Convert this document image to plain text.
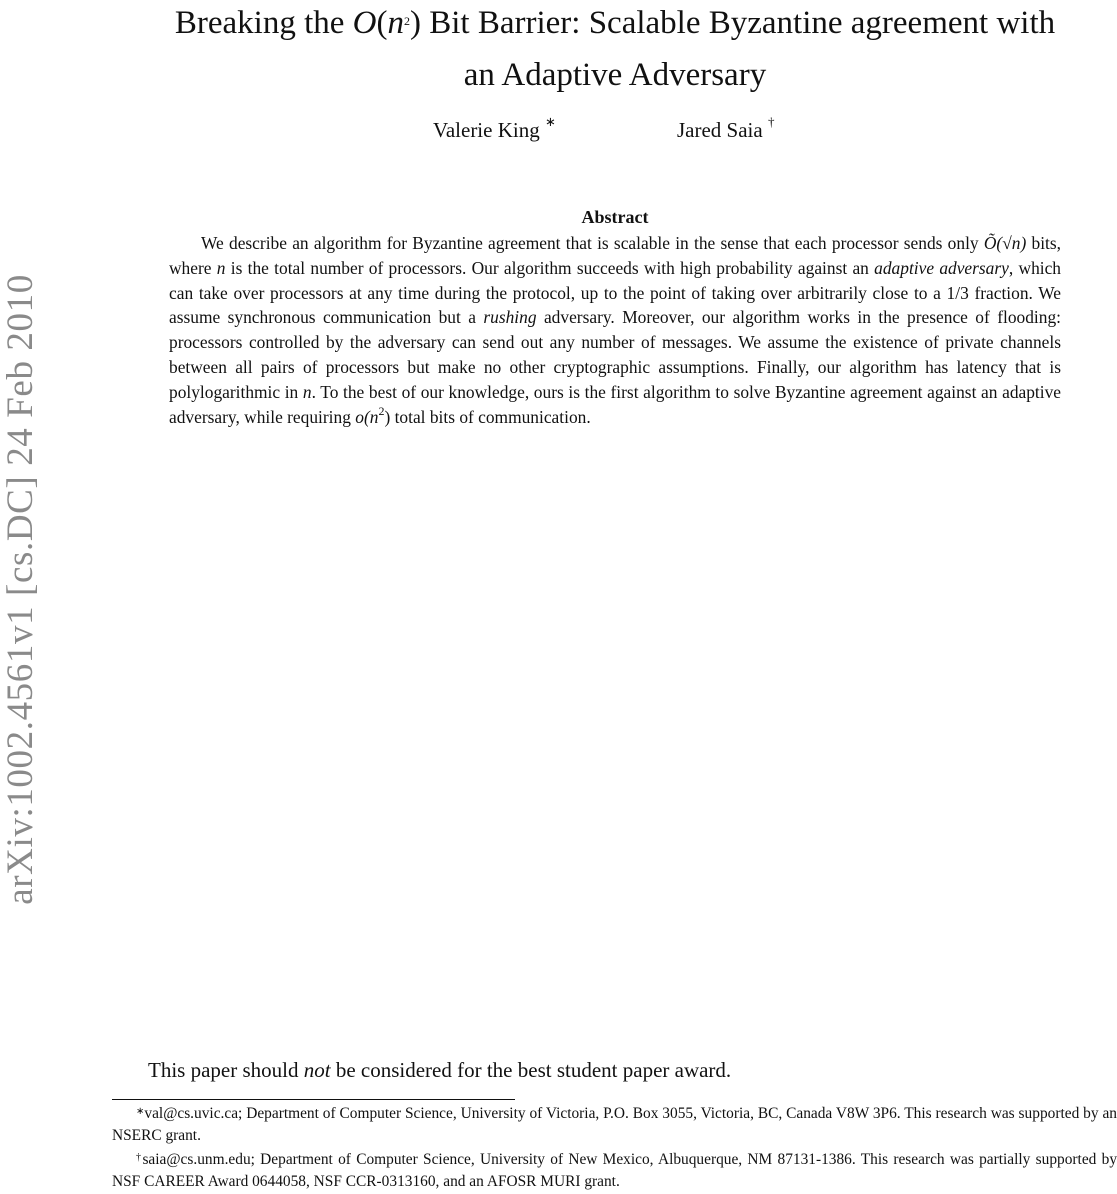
arXiv:1002.4561v1 [cs.DC] 24 Feb 2010
Breaking the $O(n^2)$ Bit Barrier: Scalable Byzantine agreement with
an Adaptive Adversary
Valerie King ∗	Jared Saia †
Abstract
We describe an algorithm for Byzantine agreement that is scalable in the sense that each processor sends only Õ(√n) bits, where n is the total number of processors. Our algorithm succeeds with high probability against an adaptive adversary, which can take over processors at any time during the protocol, up to the point of taking over arbitrarily close to a 1/3 fraction. We assume synchronous communication but a rushing adversary. Moreover, our algorithm works in the presence of flooding: processors controlled by the adversary can send out any number of messages. We assume the existence of private channels between all pairs of processors but make no other cryptographic assumptions. Finally, our algorithm has latency that is polylogarithmic in n. To the best of our knowledge, ours is the first algorithm to solve Byzantine agreement against an adaptive adversary, while requiring $o(n^2)$ total bits of communication.
This paper should not be considered for the best student paper award.
∗val@cs.uvic.ca; Department of Computer Science, University of Victoria, P.O. Box 3055, Victoria, BC, Canada V8W 3P6. This research was supported by an NSERC grant.
†saia@cs.unm.edu; Department of Computer Science, University of New Mexico, Albuquerque, NM 87131-1386. This research was partially supported by NSF CAREER Award 0644058, NSF CCR-0313160, and an AFOSR MURI grant.
